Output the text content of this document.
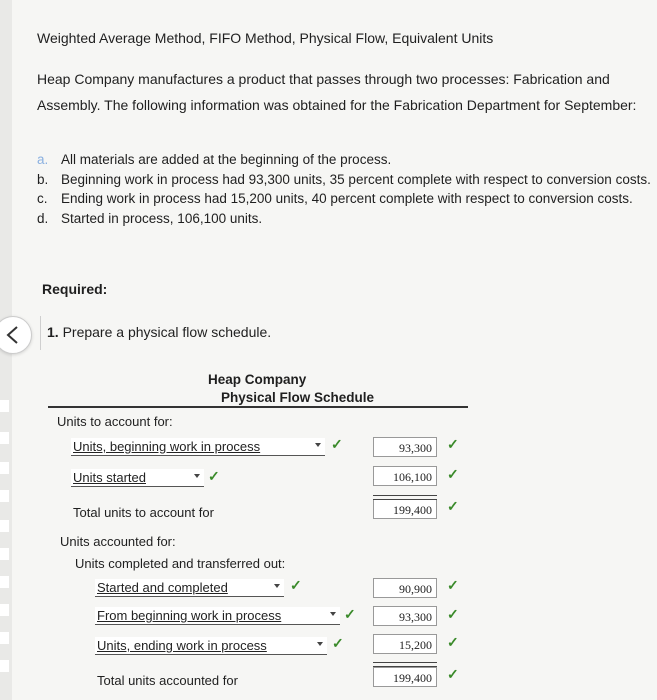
Weighted Average Method, FIFO Method, Physical Flow, Equivalent Units
Heap Company manufactures a product that passes through two processes: Fabrication and Assembly. The following information was obtained for the Fabrication Department for September:
a. All materials are added at the beginning of the process.
b. Beginning work in process had 93,300 units, 35 percent complete with respect to conversion costs.
c. Ending work in process had 15,200 units, 40 percent complete with respect to conversion costs.
d. Started in process, 106,100 units.
Required:
1. Prepare a physical flow schedule.
Heap Company
Physical Flow Schedule
Units to account for:
Units, beginning work in process	✓	93,300	✓
Units started	✓	106,100	✓
Total units to account for	199,400	✓
Units accounted for:
Units completed and transferred out:
Started and completed	✓	90,900	✓
From beginning work in process	✓	93,300	✓
Units, ending work in process	✓	15,200	✓
Total units accounted for	199,400	✓
